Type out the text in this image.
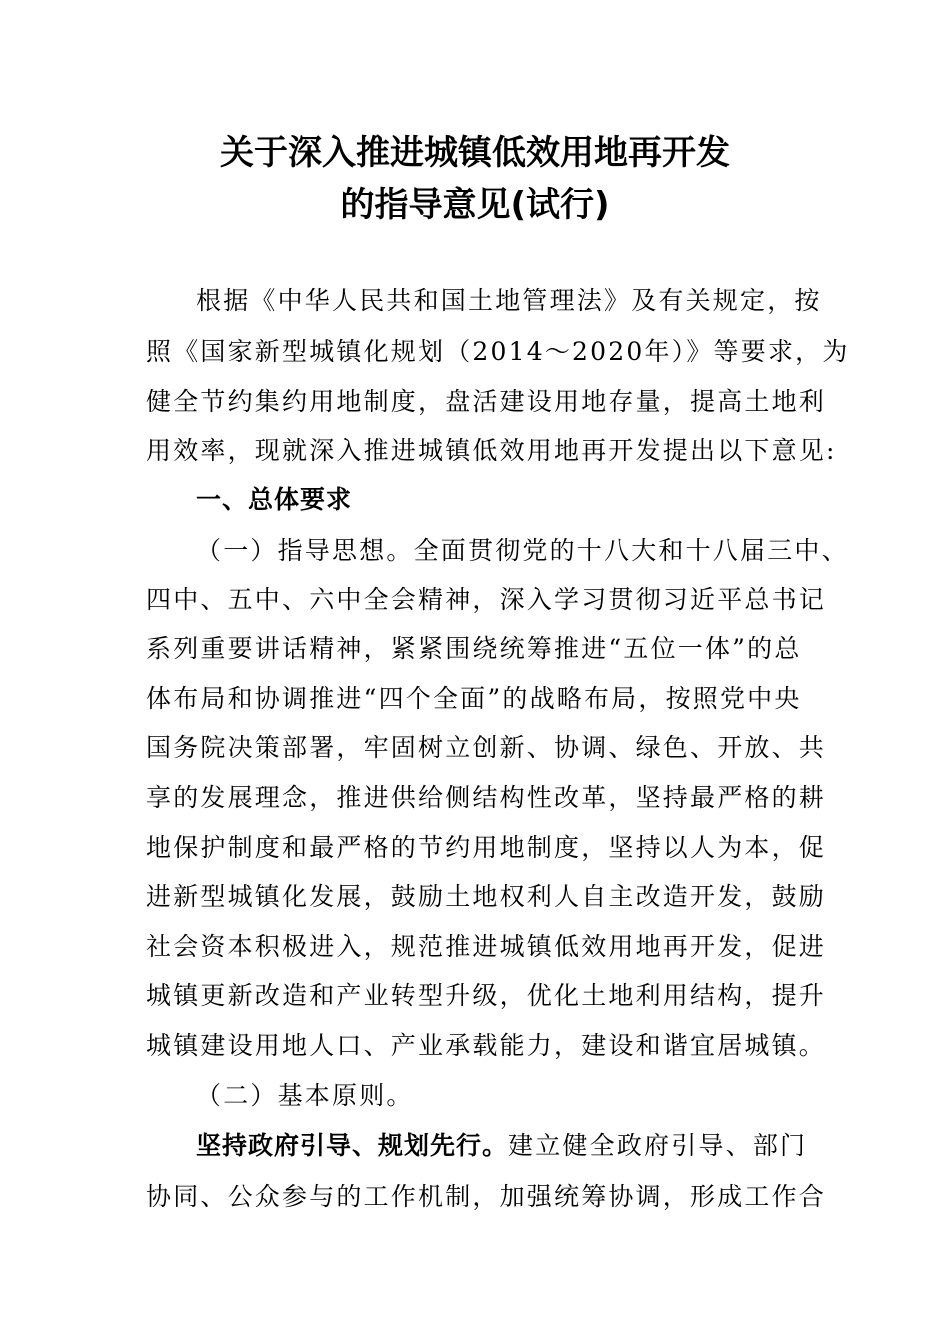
关于深入推进城镇低效用地再开发
的指导意见(试行)
根据《中华人民共和国土地管理法》及有关规定，按
照《国家新型城镇化规划（2014～2020年）》等要求，为
健全节约集约用地制度，盘活建设用地存量，提高土地利
用效率，现就深入推进城镇低效用地再开发提出以下意见:
一、总体要求
（一）指导思想。全面贯彻党的十八大和十八届三中、
四中、五中、六中全会精神，深入学习贯彻习近平总书记
系列重要讲话精神，紧紧围绕统筹推进“五位一体”的总
体布局和协调推进“四个全面”的战略布局，按照党中央
国务院决策部署，牢固树立创新、协调、绿色、开放、共
享的发展理念，推进供给侧结构性改革，坚持最严格的耕
地保护制度和最严格的节约用地制度，坚持以人为本，促
进新型城镇化发展，鼓励土地权利人自主改造开发，鼓励
社会资本积极进入，规范推进城镇低效用地再开发，促进
城镇更新改造和产业转型升级，优化土地利用结构，提升
城镇建设用地人口、产业承载能力，建设和谐宜居城镇。
（二）基本原则。
坚持政府引导、规划先行。建立健全政府引导、部门
协同、公众参与的工作机制，加强统筹协调，形成工作合
